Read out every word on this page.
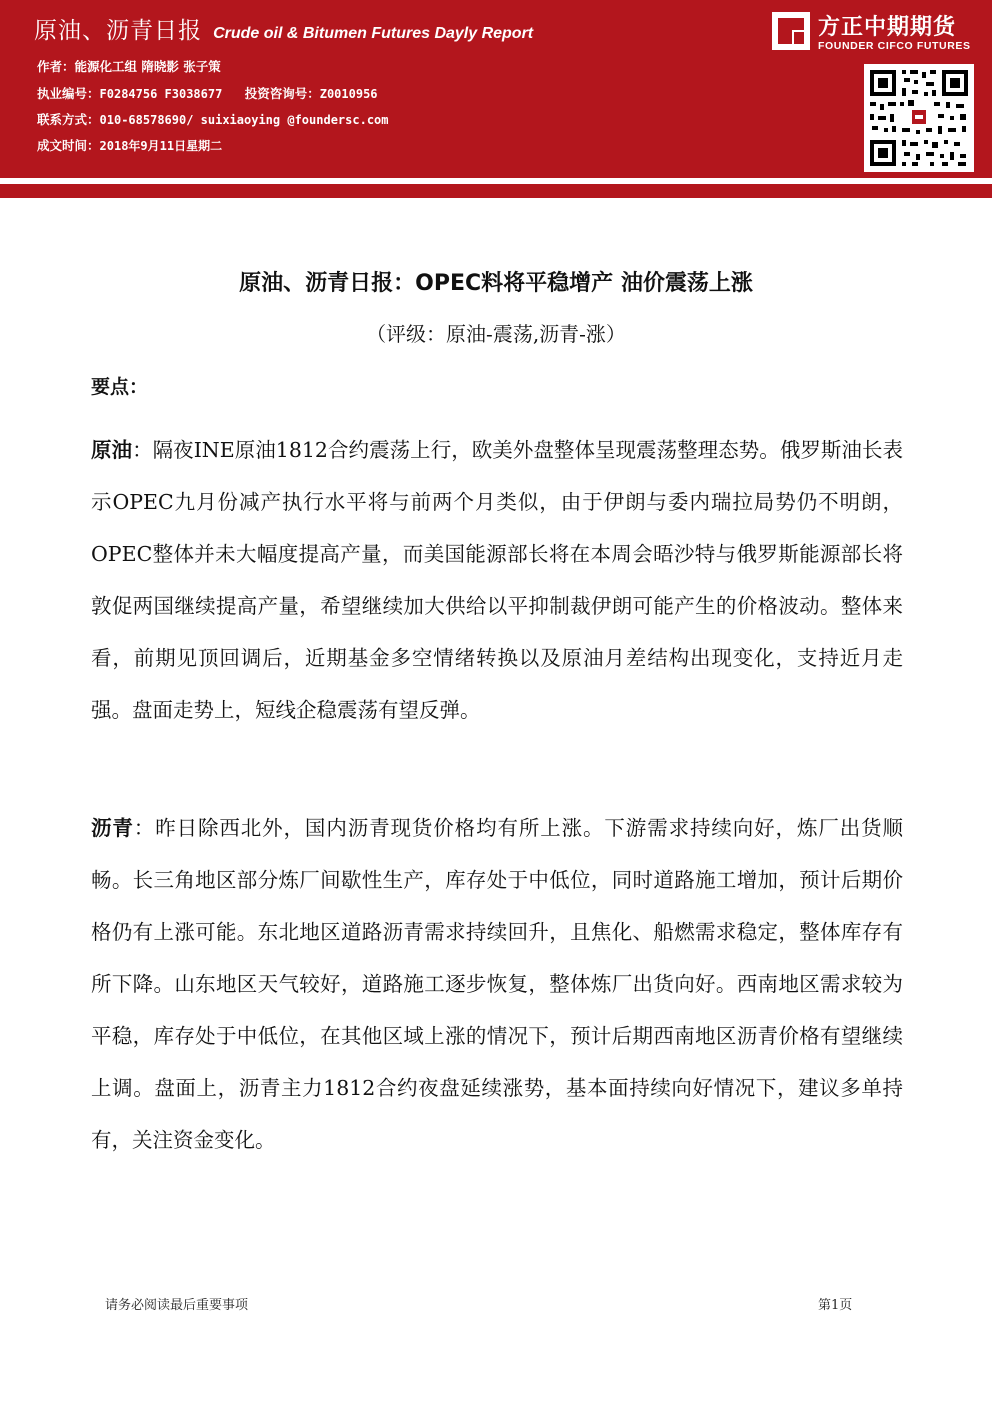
原油、沥青日报 Crude oil & Bitumen Futures Dayly Report
作者：能源化工组 隋晓影 张子策
执业编号：F0284756 F3038677 投资咨询号：Z0010956
联系方式：010-68578690/ suixiaoying @foundersc.com
成文时间：2018年9月11日星期二
方正中期期货
FOUNDER CIFCO FUTURES
原油、沥青日报：OPEC料将平稳增产 油价震荡上涨
（评级：原油-震荡,沥青-涨）
要点：
原油：隔夜INE原油1812合约震荡上行，欧美外盘整体呈现震荡整理态势。俄罗斯油长表示OPEC九月份减产执行水平将与前两个月类似，由于伊朗与委内瑞拉局势仍不明朗，OPEC整体并未大幅度提高产量，而美国能源部长将在本周会晤沙特与俄罗斯能源部长将敦促两国继续提高产量，希望继续加大供给以平抑制裁伊朗可能产生的价格波动。整体来看，前期见顶回调后，近期基金多空情绪转换以及原油月差结构出现变化，支持近月走强。盘面走势上，短线企稳震荡有望反弹。
沥青：昨日除西北外，国内沥青现货价格均有所上涨。下游需求持续向好，炼厂出货顺畅。长三角地区部分炼厂间歇性生产，库存处于中低位，同时道路施工增加，预计后期价格仍有上涨可能。东北地区道路沥青需求持续回升，且焦化、船燃需求稳定，整体库存有所下降。山东地区天气较好，道路施工逐步恢复，整体炼厂出货向好。西南地区需求较为平稳，库存处于中低位，在其他区域上涨的情况下，预计后期西南地区沥青价格有望继续上调。盘面上，沥青主力1812合约夜盘延续涨势，基本面持续向好情况下，建议多单持有，关注资金变化。
请务必阅读最后重要事项	第1页
